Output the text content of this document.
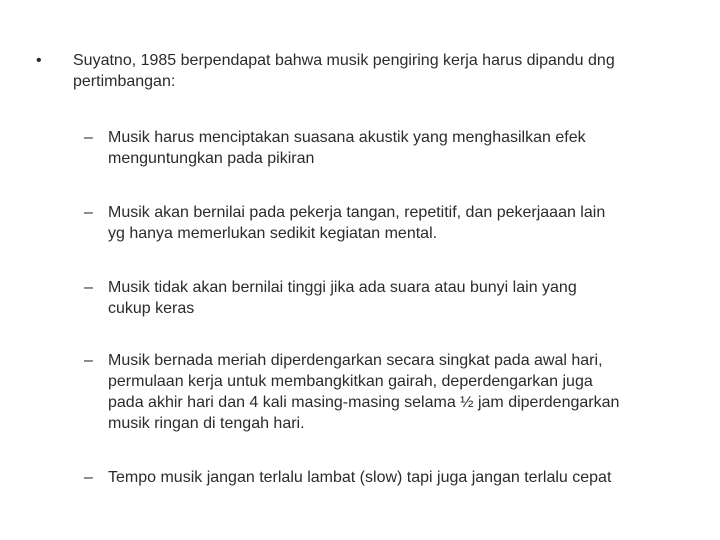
•	Suyatno, 1985 berpendapat bahwa musik pengiring kerja harus dipandu dng
pertimbangan:
– Musik harus menciptakan suasana akustik yang menghasilkan efek
menguntungkan pada pikiran
– Musik akan bernilai pada pekerja tangan, repetitif, dan pekerjaaan lain
yg hanya memerlukan sedikit kegiatan mental.
– Musik tidak akan bernilai tinggi jika ada suara atau bunyi lain yang
cukup keras
– Musik bernada meriah diperdengarkan secara singkat pada awal hari,
permulaan kerja untuk membangkitkan gairah, deperdengarkan juga
pada akhir hari dan 4 kali masing-masing selama ½ jam diperdengarkan
musik ringan di tengah hari.
– Tempo musik jangan terlalu lambat (slow) tapi juga jangan terlalu cepat
